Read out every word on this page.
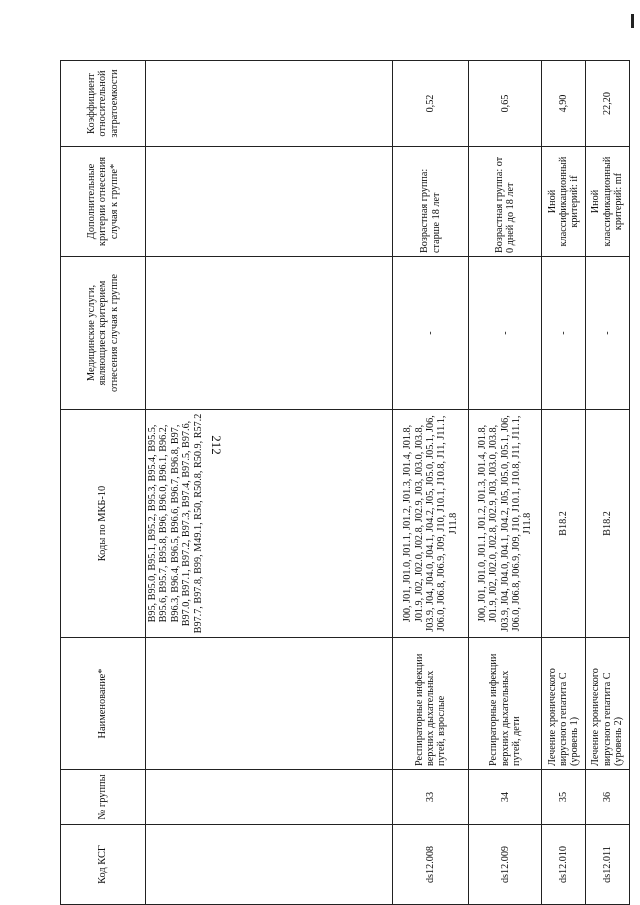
212
Код КСГ	№ группы	Наименование*	Коды по МКБ-10	Медицинские услуги, являющиеся критерием отнесения случая к группе	Дополнительные критерии отнесения случая к группе*	Коэффициент относительной затратоемкости
			B95, B95.0, B95.1, B95.2, B95.3, B95.4, B95.5, B95.6, B95.7, B95.8, B96, B96.0, B96.1, B96.2, B96.3, B96.4, B96.5, B96.6, B96.7, B96.8, B97, B97.0, B97.1, B97.2, B97.3, B97.4, B97.5, B97.6, B97.7, B97.8, B99, M49.1, R50, R50.8, R50.9, R57.2			
ds12.008	33	Респираторные инфекции верхних дыхательных путей, взрослые	J00, J01, J01.0, J01.1, J01.2, J01.3, J01.4, J01.8, J01.9, J02, J02.0, J02.8, J02.9, J03, J03.0, J03.8, J03.9, J04, J04.0, J04.1, J04.2, J05, J05.0, J05.1, J06, J06.0, J06.8, J06.9, J09, J10, J10.1, J10.8, J11, J11.1, J11.8	-	Возрастная группа: старше 18 лет	0,52
ds12.009	34	Респираторные инфекции верхних дыхательных путей, дети	J00, J01, J01.0, J01.1, J01.2, J01.3, J01.4, J01.8, J01.9, J02, J02.0, J02.8, J02.9, J03, J03.0, J03.8, J03.9, J04, J04.0, J04.1, J04.2, J05, J05.0, J05.1, J06, J06.0, J06.8, J06.9, J09, J10, J10.1, J10.8, J11, J11.1, J11.8	-	Возрастная группа: от 0 дней до 18 лет	0,65
ds12.010	35	Лечение хронического вирусного гепатита С (уровень 1)	B18.2	-	Иной классификационный критерий: if	4,90
ds12.011	36	Лечение хронического вирусного гепатита С (уровень 2)	B18.2	-	Иной классификационный критерий: mf	22,20
